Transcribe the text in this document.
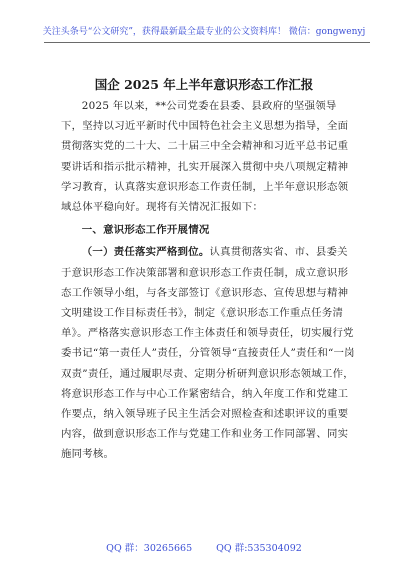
关注头条号“公文研究”，获得最新最全最专业的公文资料库！ 微信：gongwenyj
国企 2025 年上半年意识形态工作汇报

2025 年以来，**公司党委在县委、县政府的坚强领导下，坚持以习近平新时代中国特色社会主义思想为指导，全面贯彻落实党的二十大、二十届三中全会精神和习近平总书记重要讲话和指示批示精神，扎实开展深入贯彻中央八项规定精神学习教育，认真落实意识形态工作责任制，上半年意识形态领域总体平稳向好。现将有关情况汇报如下：

一、意识形态工作开展情况

（一）责任落实严格到位。认真贯彻落实省、市、县委关于意识形态工作决策部署和意识形态工作责任制，成立意识形态工作领导小组，与各支部签订《意识形态、宣传思想与精神文明建设工作目标责任书》，制定《意识形态工作重点任务清单》。严格落实意识形态工作主体责任和领导责任，切实履行党委书记“第一责任人”责任，分管领导“直接责任人”责任和“一岗双责”责任，通过履职尽责、定期分析研判意识形态领域工作，将意识形态工作与中心工作紧密结合，纳入年度工作和党建工作要点，纳入领导班子民主生活会对照检查和述职评议的重要内容，做到意识形态工作与党建工作和业务工作同部署、同实施同考核。

QQ 群：30265665	QQ 群:535304092
